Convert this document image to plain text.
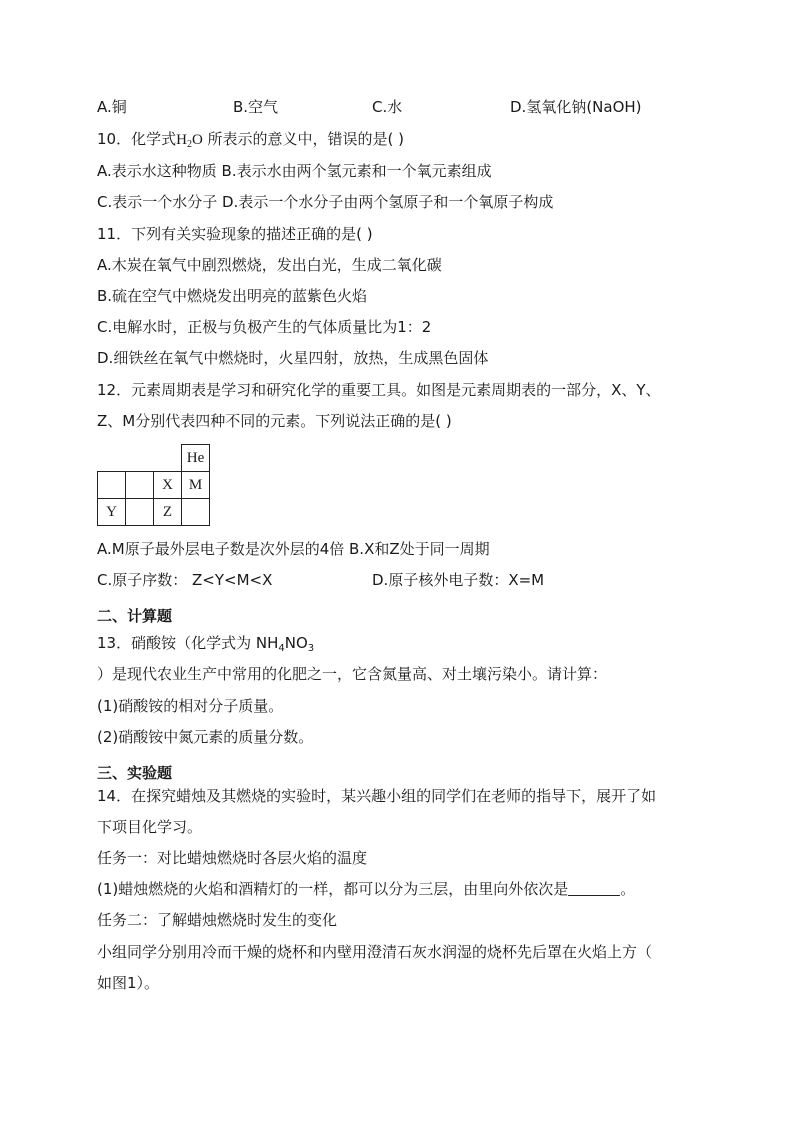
A.铜	B.空气	C.水	D.氢氧化钠(NaOH)
10．化学式$H_2O$ 所表示的意义中，错误的是( )
A.表示水这种物质 B.表示水由两个氢元素和一个氧元素组成
C.表示一个水分子 D.表示一个水分子由两个氢原子和一个氧原子构成
11．下列有关实验现象的描述正确的是( )
A.木炭在氧气中剧烈燃烧，发出白光，生成二氧化碳
B.硫在空气中燃烧发出明亮的蓝紫色火焰
C.电解水时，正极与负极产生的气体质量比为1：2
D.细铁丝在氧气中燃烧时，火星四射，放热，生成黑色固体
12．元素周期表是学习和研究化学的重要工具。如图是元素周期表的一部分，X、Y、
Z、M分别代表四种不同的元素。下列说法正确的是( )
			He
		X	M
Y		Z	
A.M原子最外层电子数是次外层的4倍 B.X和Z处于同一周期
C.原子序数： Z<Y<M<X	D.原子核外电子数：X=M
二、计算题
13．硝酸铵（化学式为 $NH_4NO_3$
）是现代农业生产中常用的化肥之一，它含氮量高、对土壤污染小。请计算：
(1)硝酸铵的相对分子质量。
(2)硝酸铵中氮元素的质量分数。
三、实验题
14．在探究蜡烛及其燃烧的实验时，某兴趣小组的同学们在老师的指导下，展开了如
下项目化学习。
任务一：对比蜡烛燃烧时各层火焰的温度
(1)蜡烛燃烧的火焰和酒精灯的一样，都可以分为三层，由里向外依次是	。
任务二：了解蜡烛燃烧时发生的变化
小组同学分别用冷而干燥的烧杯和内壁用澄清石灰水润湿的烧杯先后罩在火焰上方（
如图1）。
